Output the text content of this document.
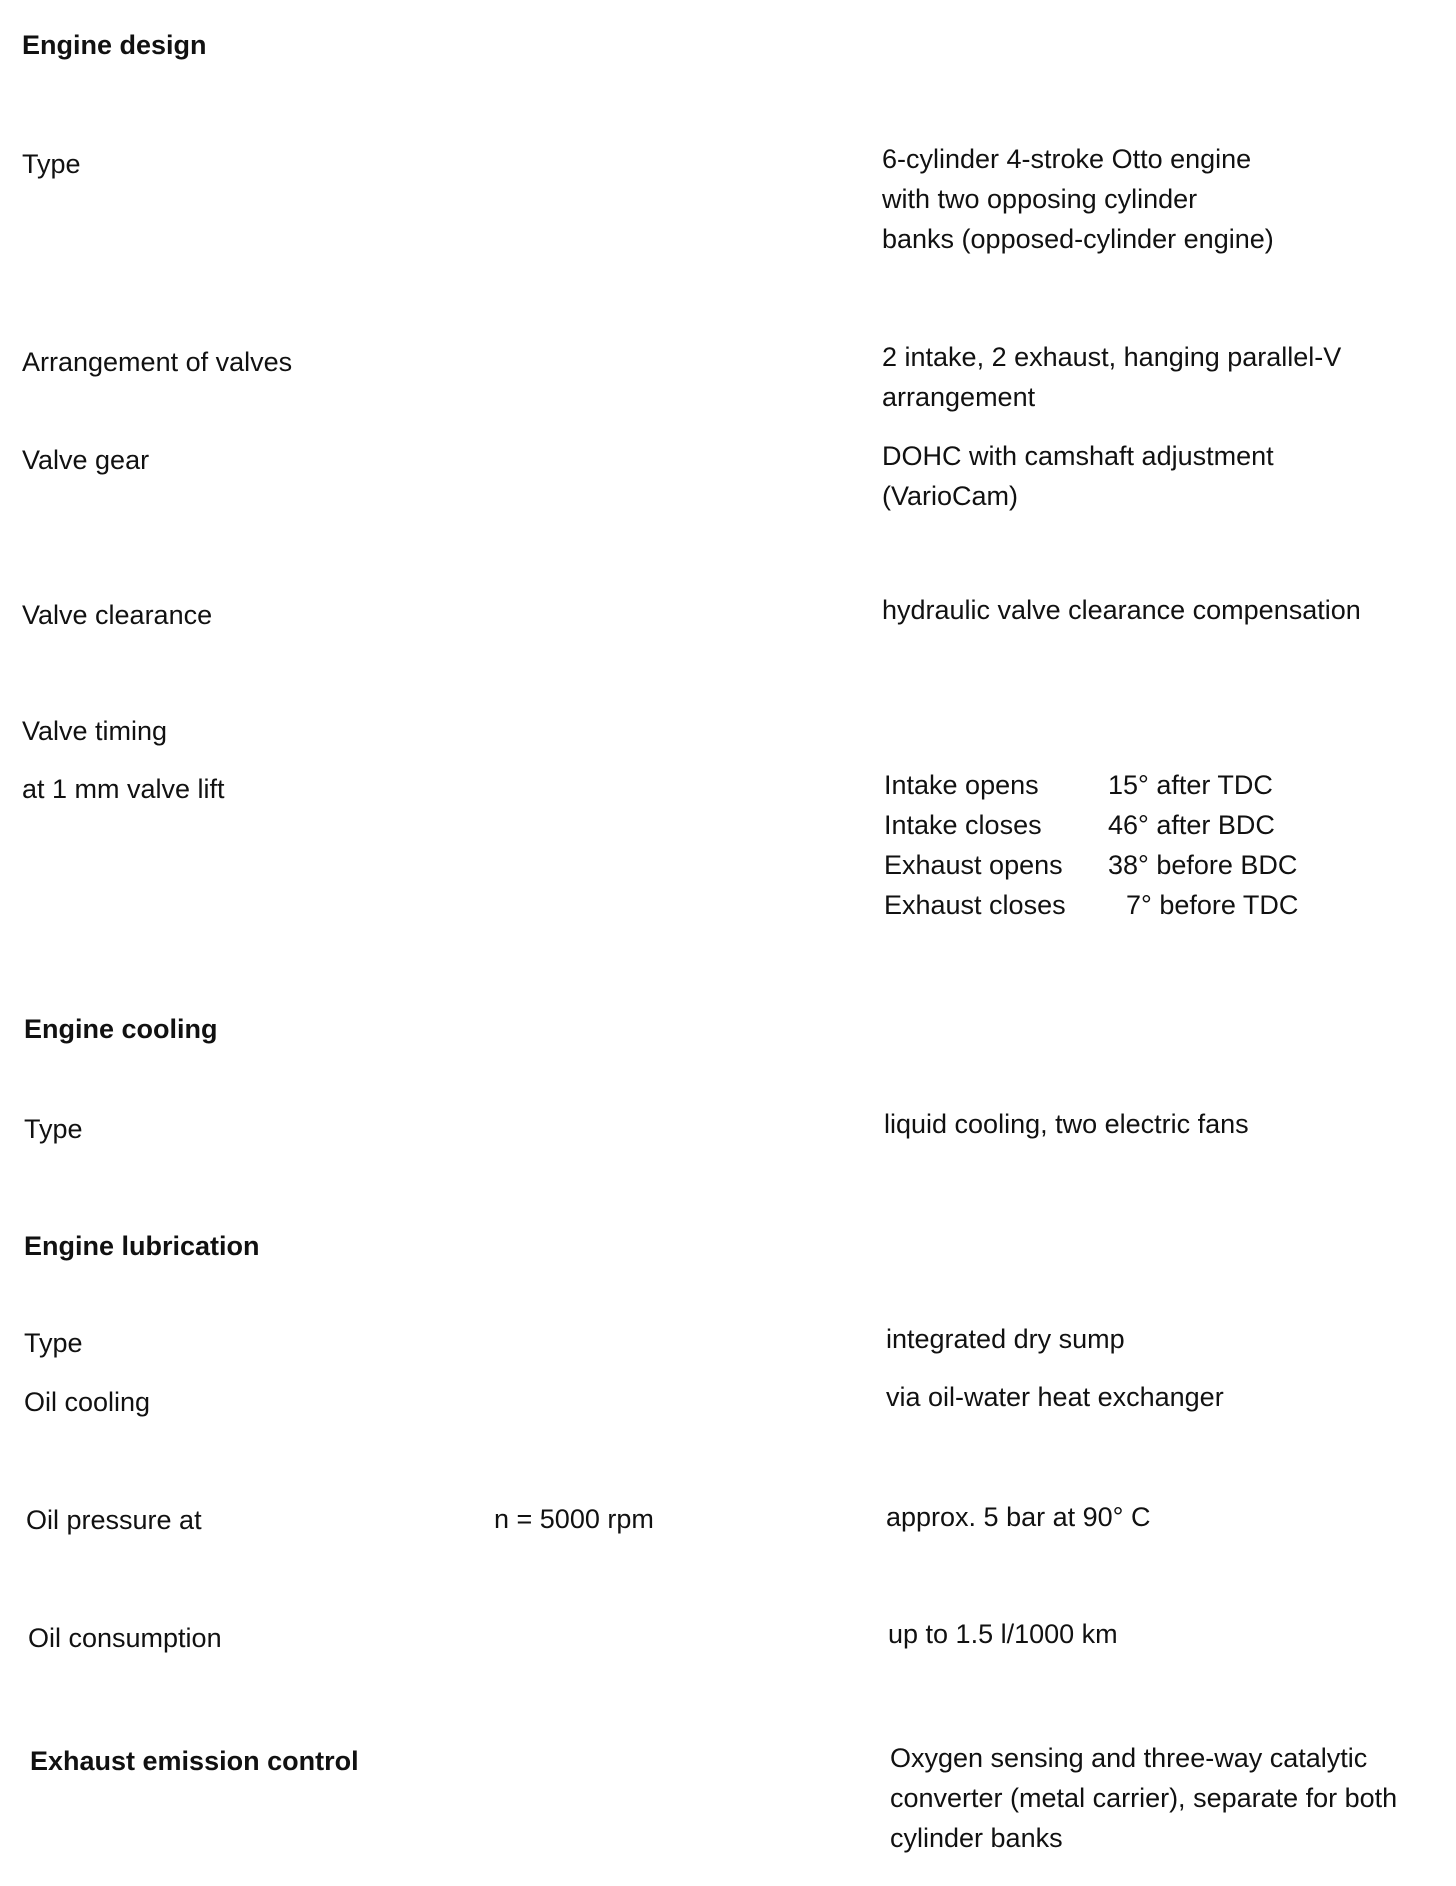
Engine design
Type	6-cylinder 4-stroke Otto engine
with two opposing cylinder
banks (opposed-cylinder engine)
Arrangement of valves	2 intake, 2 exhaust, hanging parallel-V
arrangement
Valve gear	DOHC with camshaft adjustment
(VarioCam)
Valve clearance	hydraulic valve clearance compensation
Valve timing
at 1 mm valve lift	Intake opens	15° after TDC
Intake closes 46° after BDC
Exhaust opens 38° before BDC
Exhaust closes 7° before TDC
Engine cooling
Type	liquid cooling, two electric fans
Engine lubrication
Type	integrated dry sump
Oil cooling	via oil-water heat exchanger
Oil pressure at	n = 5000 rpm	approx. 5 bar at 90° C
Oil consumption	up to 1.5 l/1000 km
Exhaust emission control	Oxygen sensing and three-way catalytic
converter (metal carrier), separate for both
cylinder banks
